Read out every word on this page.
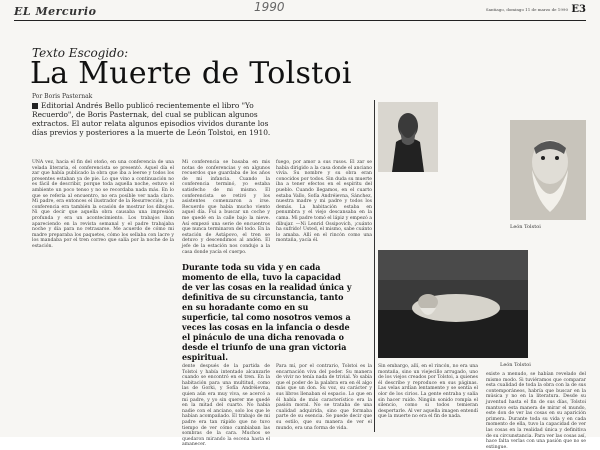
EL Mercurio	1990	Santiago, domingo 11 de marzo de 1990 E3
Texto Escogido:
La Muerte de Tolstoi
Por Boris Pasternak
Editorial Andrés Bello publicó recientemente el libro "Yo Recuerdo", de Boris Pasternak, del cual se publican algunos extractos. El autor relata algunos episodios vividos durante los días previos y posteriores a la muerte de León Tolstoi, en 1910.
León Tolstoi
León Tolstoi
UNA vez, hacia el fin del otoño, en una conferencia de una velada literaria, el conferencista se presentó. Aquel día el zar que había publicado la obra que iba a leerse y todos los presentes estaban ya de pie. Lo que vino a continuación no es fácil de describir, porque toda aquella noche, estuvo el ambiente un poco tenso y no se recordaba nada más. En lo que se refería al encuentro, no era posible ver nada claro. Mi padre, era entonces el ilustrador de la Resurrección, y la conferencia era también la ocasión de mostrar los dibujos. Ni que decir que aquella obra causaba una impresión profunda y era un acontecimiento. Los trabajos iban apareciendo en la revista semanal y el padre trabajaba noche y día para no retrasarse. Me acuerdo de cómo mi madre preparaba los paquetes, cómo los sellaba con lacre y los mandaba por el tren correo que salía por la noche de la estación.
Mi conferencia se basaba en mis notas de conferencias y en algunos recuerdos que guardaba de los años de mi infancia. Cuando la conferencia terminó, yo estaba satisfecho de mi mismo. El conferencista se retiró y los asistentes comenzaron a irse. Recuerdo que había mucho viento aquel día. Fui a buscar un coche y me quedé en la calle bajo la nieve. Así empezó una serie de encuentros que nunca terminaron del todo. En la estación de Astápovo, el tren se detuvo y descendimos al andén. El jefe de la estación nos condujo a la casa donde yacía el cuerpo.
fuego, por amor a sus rusos. El zar se había dirigido a la casa donde el anciano vivía. Su nombre y su obra eran conocidos por todos. Sin duda su muerte iba a tener efectos en el espíritu del pueblo. Cuando llegamos, en el cuarto estaba Vallo, Sofía Andréievna, Sánchez, nuestra madre y mi padre y todos los demás. La habitación estaba en penumbra y el viejo descansaba en la cama. Mi padre tomó el lápiz y empezó a dibujar. —Ni Lenrid Ossipovich, ¡cuánto ha sufrido! Usted, el mismo, sabe cuánto lo amaba. Allí en el rincón como una montaña, yacía él.
Durante toda su vida y en cada momento de ella, tuvo la capacidad de ver las cosas en la realidad única y definitiva de su circunstancia, tanto en su horadante como en su superficie, tal como nosotros vemos a veces las cosas en la infancia o desde el pináculo de una dicha renovada o desde el triunfo de una gran victoria espiritual.
dente después de la partida de Tolstoi y había intentado alcanzarle cuando se encontró en el tren. En la habitación para una multitud, como las de Gorki, y Sofía Andréievna, quien aún era muy viva, se acercó a mi padre, y yo sin querer me quedé en la mitad del cuarto. No había nadie con el anciano, solo los que le habían acompañado. El trabajo de mi padre era tan rápido que no tuvo tiempo de ver cómo cambiaban las sombras de la cara. Muchos se quedaron mirando la escena hasta el amanecer.
Para mí, por el contrario, Tolstoi es la encarnación viva del poder. Su manera de vivir no tenía nada de trivial. Yo sabía que el poder de la palabra era en él algo más que un don. Su voz, su carácter y sus libros llenaban el espacio. Lo que en él había de más característico era la pasión moral. No se trataba de una cualidad adquirida, sino que formaba parte de su esencia. Se puede decir que su estilo, que su manera de ver el mundo, era una forma de vida.
Sin embargo, allí, en el rincón, no era una montaña, sino un viejecillo arrugado, uno de los viejos creados por Tolstoi, a quienes él describe y reproduce en sus páginas. Las velas ardían lentamente y se sentía el olor de los cirios. La gente entraba y salía sin hacer ruido. Ningún sonido rompía el silencio, como si todos temieran despertarle. Al ver aquella imagen entendí que la muerte no era el fin de nada.
existe a menudo, se habían revelado del mismo modo. Si tuviéramos que comparar esta cualidad de toda la obra con la de sus contemporáneos, habría que buscar en la música y no en la literatura. Desde su juventud hasta el fin de sus días, Tolstoi mantuvo esta manera de mirar el mundo, este don de ver las cosas en su aparición primera. Durante toda su vida y en cada momento de ella, tuvo la capacidad de ver las cosas en la realidad única y definitiva de su circunstancia. Para ver las cosas así, hace falta verlas con una pasión que no se extingue.
